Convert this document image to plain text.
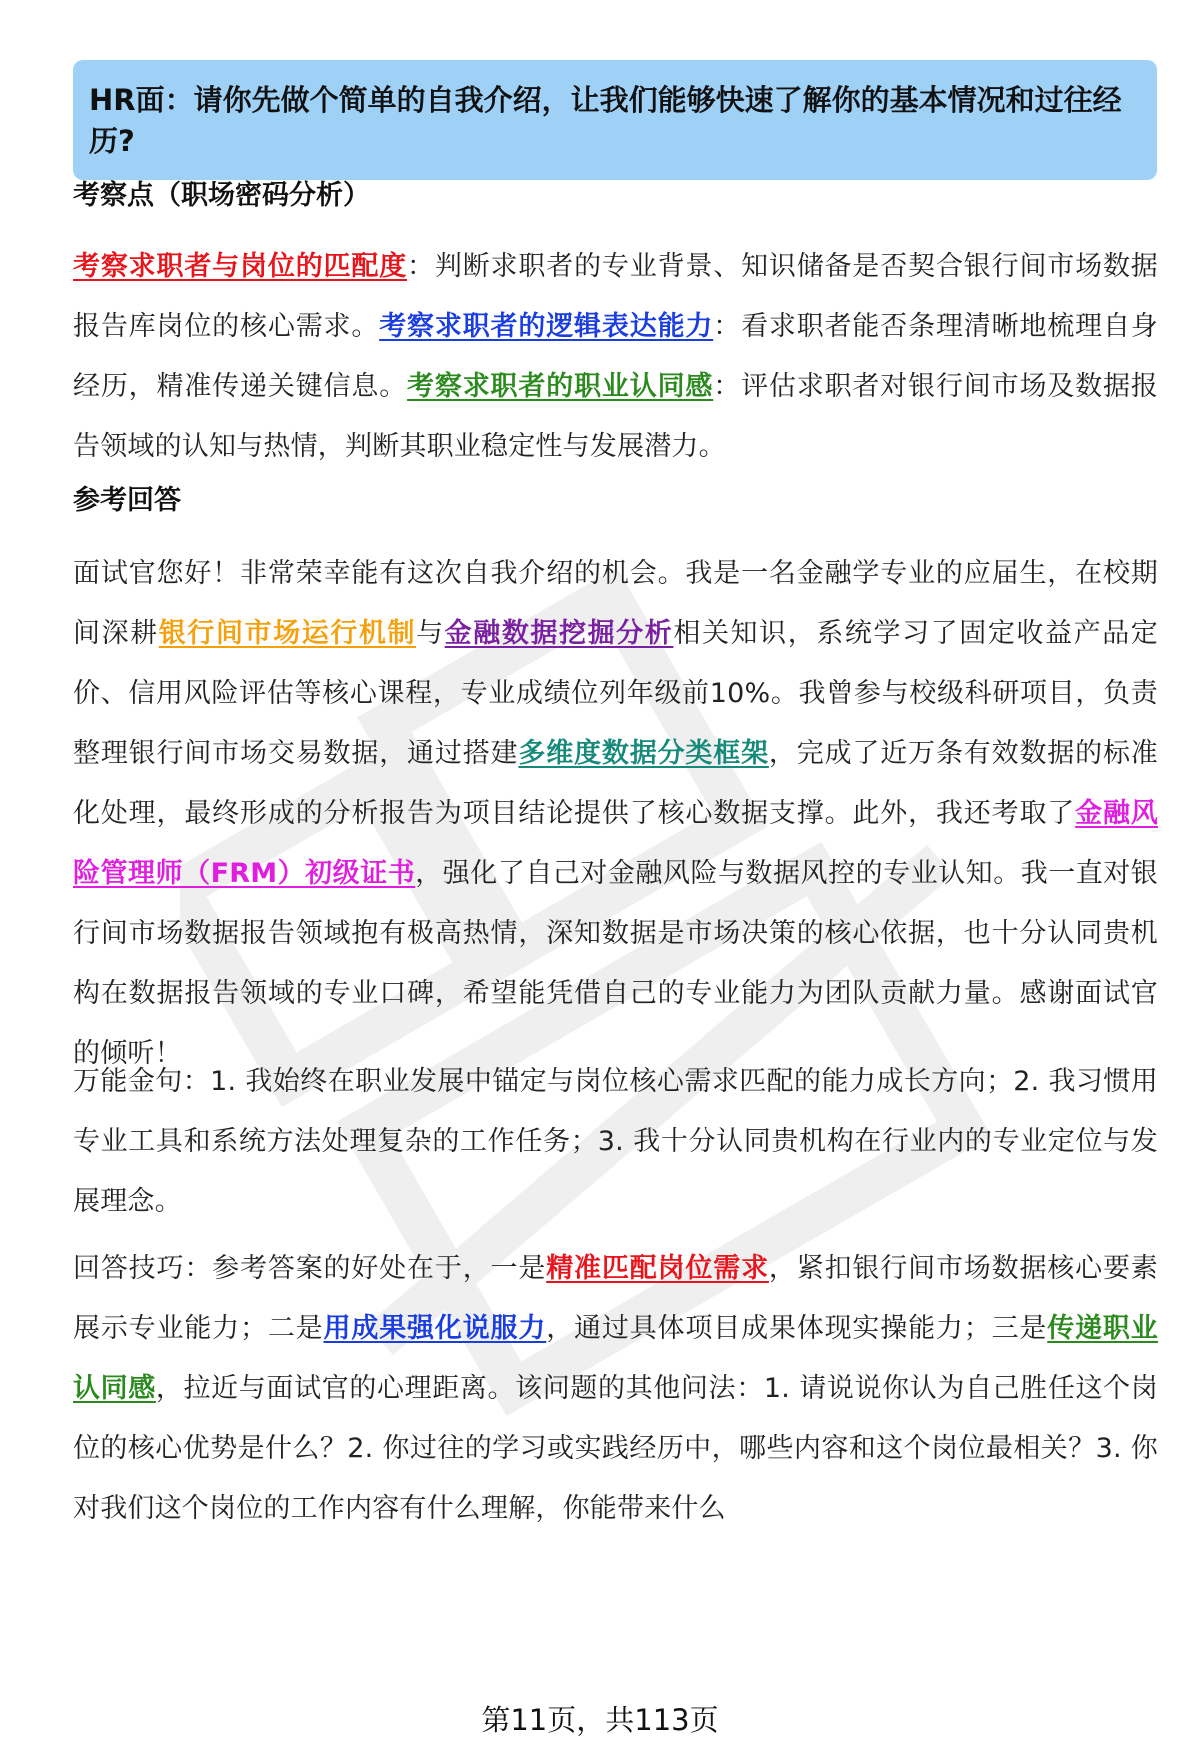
HR面：请你先做个简单的自我介绍，让我们能够快速了解你的基本情况和过往经历?
考察点（职场密码分析）
考察求职者与岗位的匹配度：判断求职者的专业背景、知识储备是否契合银行间市场数据报告库岗位的核心需求。考察求职者的逻辑表达能力：看求职者能否条理清晰地梳理自身经历，精准传递关键信息。考察求职者的职业认同感：评估求职者对银行间市场及数据报告领域的认知与热情，判断其职业稳定性与发展潜力。
参考回答
面试官您好！非常荣幸能有这次自我介绍的机会。我是一名金融学专业的应届生，在校期间深耕银行间市场运行机制与金融数据挖掘分析相关知识，系统学习了固定收益产品定价、信用风险评估等核心课程，专业成绩位列年级前10%。我曾参与校级科研项目，负责整理银行间市场交易数据，通过搭建多维度数据分类框架，完成了近万条有效数据的标准化处理，最终形成的分析报告为项目结论提供了核心数据支撑。此外，我还考取了金融风险管理师（FRM）初级证书，强化了自己对金融风险与数据风控的专业认知。我一直对银行间市场数据报告领域抱有极高热情，深知数据是市场决策的核心依据，也十分认同贵机构在数据报告领域的专业口碑，希望能凭借自己的专业能力为团队贡献力量。感谢面试官的倾听！
万能金句：1. 我始终在职业发展中锚定与岗位核心需求匹配的能力成长方向；2. 我习惯用专业工具和系统方法处理复杂的工作任务；3. 我十分认同贵机构在行业内的专业定位与发展理念。
回答技巧：参考答案的好处在于，一是精准匹配岗位需求，紧扣银行间市场数据核心要素展示专业能力；二是用成果强化说服力，通过具体项目成果体现实操能力；三是传递职业认同感，拉近与面试官的心理距离。该问题的其他问法：1. 请说说你认为自己胜任这个岗位的核心优势是什么？2. 你过往的学习或实践经历中，哪些内容和这个岗位最相关？3. 你对我们这个岗位的工作内容有什么理解，你能带来什么
第11页，共113页
